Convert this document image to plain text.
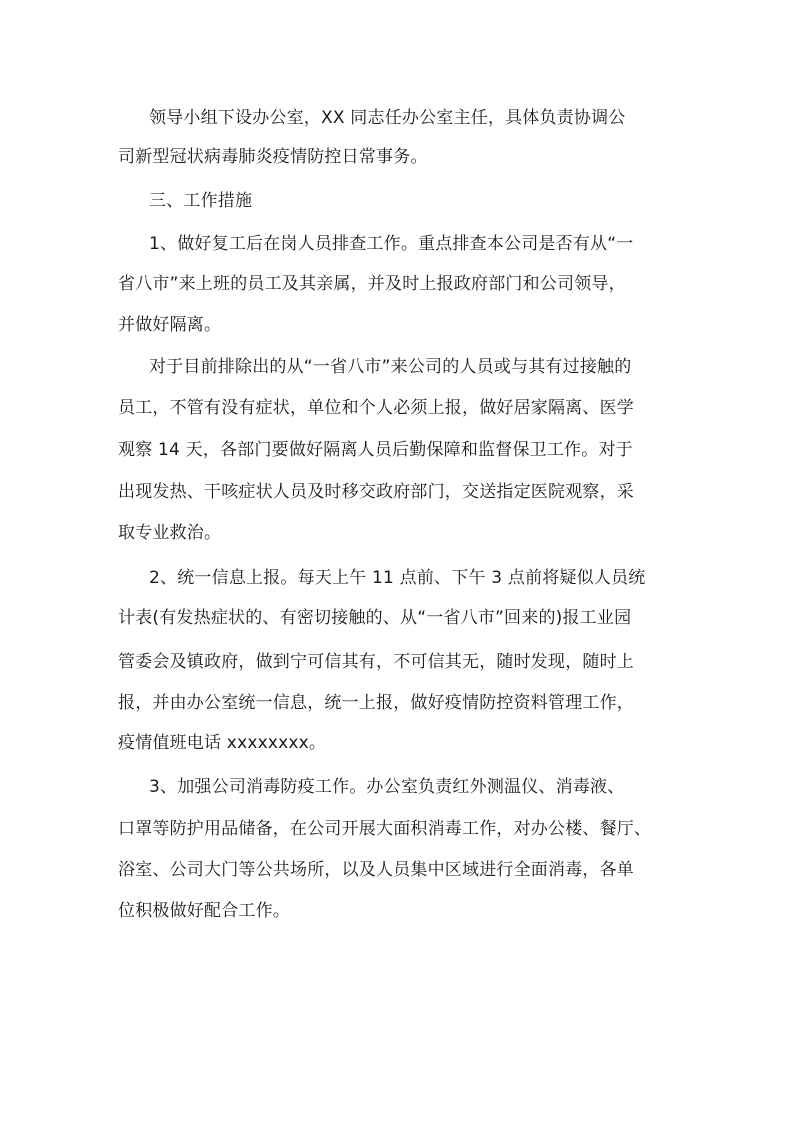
领导小组下设办公室，XX 同志任办公室主任，具体负责协调公
司新型冠状病毒肺炎疫情防控日常事务。
三、工作措施
1、做好复工后在岗人员排查工作。重点排查本公司是否有从“一
省八市”来上班的员工及其亲属，并及时上报政府部门和公司领导，
并做好隔离。
对于目前排除出的从“一省八市”来公司的人员或与其有过接触的
员工，不管有没有症状，单位和个人必须上报，做好居家隔离、医学
观察 14 天，各部门要做好隔离人员后勤保障和监督保卫工作。对于
出现发热、干咳症状人员及时移交政府部门，交送指定医院观察，采
取专业救治。
2、统一信息上报。每天上午 11 点前、下午 3 点前将疑似人员统
计表(有发热症状的、有密切接触的、从“一省八市”回来的)报工业园
管委会及镇政府，做到宁可信其有，不可信其无，随时发现，随时上
报，并由办公室统一信息，统一上报，做好疫情防控资料管理工作，
疫情值班电话 xxxxxxxx。
3、加强公司消毒防疫工作。办公室负责红外测温仪、消毒液、
口罩等防护用品储备，在公司开展大面积消毒工作，对办公楼、餐厅、
浴室、公司大门等公共场所，以及人员集中区域进行全面消毒，各单
位积极做好配合工作。
